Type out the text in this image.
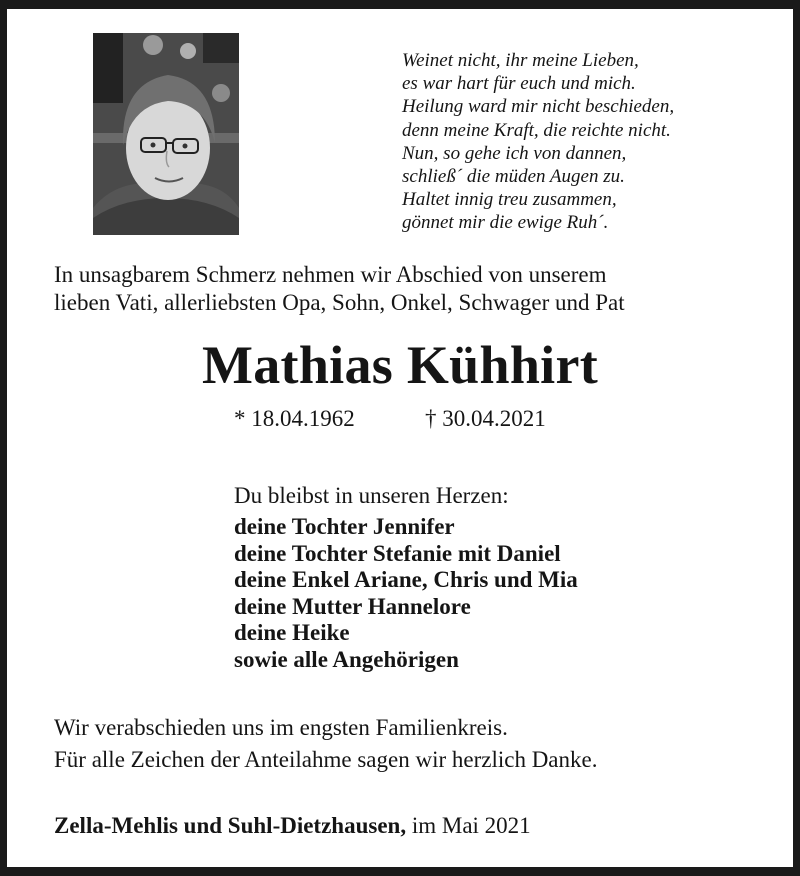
Weinet nicht, ihr meine Lieben,
es war hart für euch und mich.
Heilung ward mir nicht beschieden,
denn meine Kraft, die reichte nicht.
Nun, so gehe ich von dannen,
schließ´ die müden Augen zu.
Haltet innig treu zusammen,
gönnet mir die ewige Ruh´.
In unsagbarem Schmerz nehmen wir Abschied von unserem
lieben Vati, allerliebsten Opa, Sohn, Onkel, Schwager und Pat
Mathias Kühhirt
* 18.04.1962	† 30.04.2021
Du bleibst in unseren Herzen:
deine Tochter Jennifer
deine Tochter Stefanie mit Daniel
deine Enkel Ariane, Chris und Mia
deine Mutter Hannelore
deine Heike
sowie alle Angehörigen
Wir verabschieden uns im engsten Familienkreis.
Für alle Zeichen der Anteilahme sagen wir herzlich Danke.
Zella-Mehlis und Suhl-Dietzhausen, im Mai 2021
